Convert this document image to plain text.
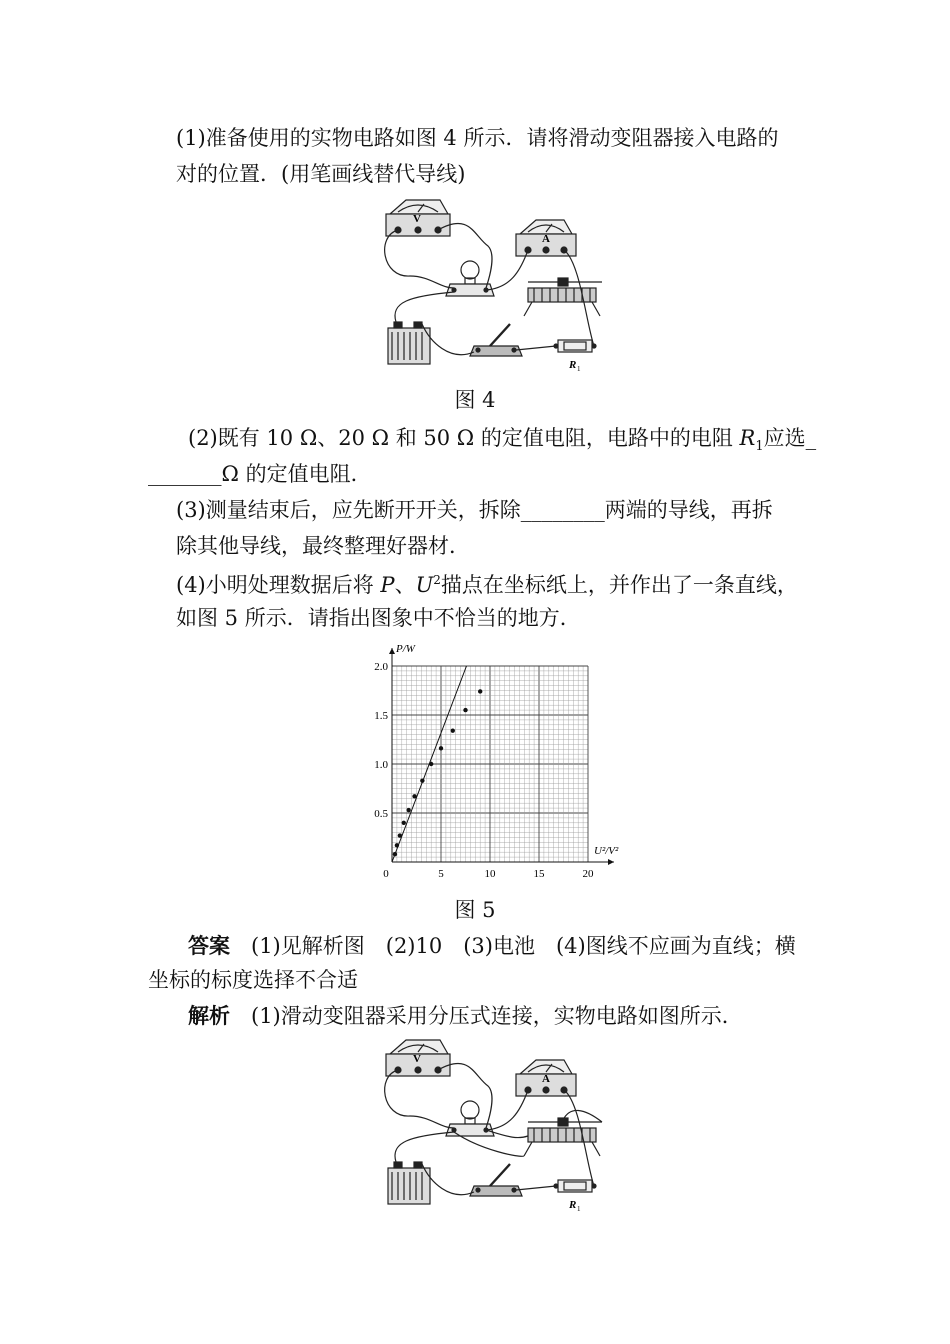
(1)准备使用的实物电路如图 4 所示．请将滑动变阻器接入电路的
对的位置．(用笔画线替代导线)
V
A
R 1
图 4
(2)既有 10 Ω、20 Ω 和 50 Ω 的定值电阻，电路中的电阻 $R_1$应选_
_______Ω 的定值电阻．
(3)测量结束后，应先断开开关，拆除________两端的导线，再拆
除其他导线，最终整理好器材．
(4)小明处理数据后将 P、$U^2$描点在坐标纸上，并作出了一条直线，
如图 5 所示．请指出图象中不恰当的地方．
0	5	10	15	20
0.5
1.0
1.5
2.0
P/W
U²/V²
图 5
答案　 (1)见解析图　(2)10　(3)电池　(4)图线不应画为直线；横
坐标的标度选择不合适
解析　 (1)滑动变阻器采用分压式连接，实物电路如图所示．
V
A
R 1
